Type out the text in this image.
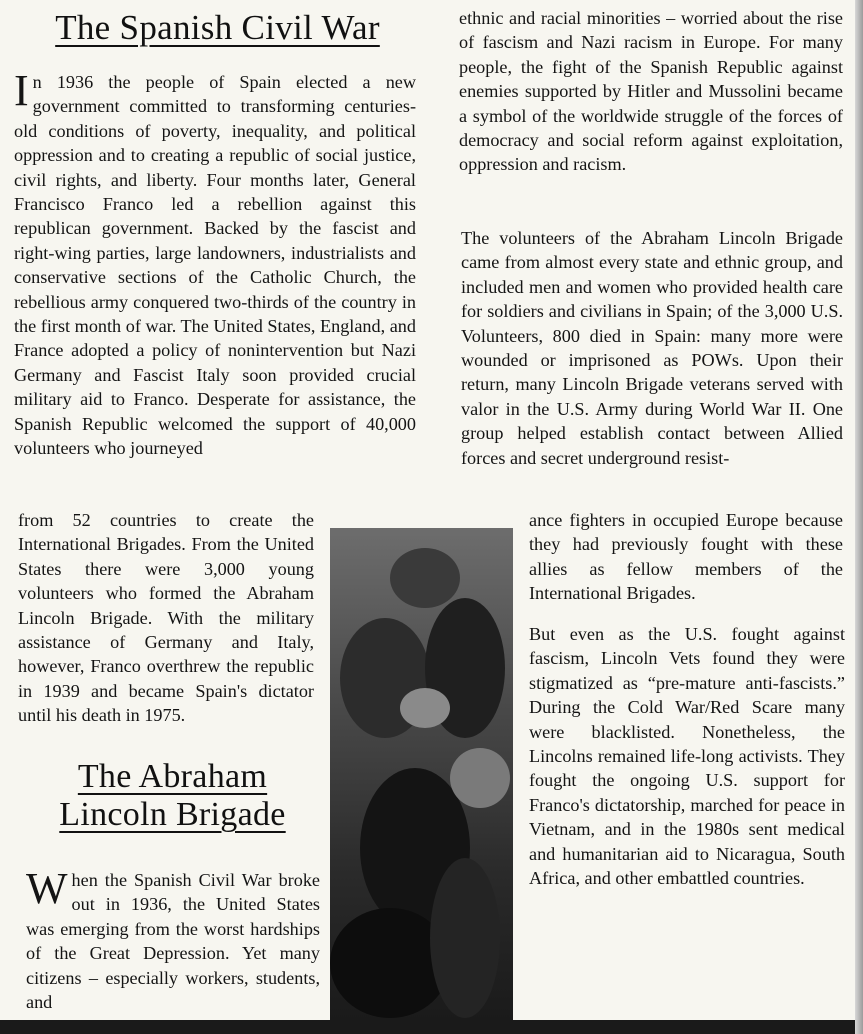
The Spanish Civil War

In 1936 the people of Spain elected a new government committed to transforming centuries-old conditions of poverty, inequality, and political oppression and to creating a republic of social justice, civil rights, and liberty. Four months later, General Francisco Franco led a rebellion against this republican government. Backed by the fascist and right-wing parties, large landowners, industrialists and conservative sections of the Catholic Church, the rebellious army conquered two-thirds of the country in the first month of war. The United States, England, and France adopted a policy of nonintervention but Nazi Germany and Fascist Italy soon provided crucial military aid to Franco. Desperate for assistance, the Spanish Republic welcomed the support of 40,000 volunteers who journeyed

from 52 countries to create the International Brigades. From the United States there were 3,000 young volunteers who formed the Abraham Lincoln Brigade. With the military assistance of Germany and Italy, however, Franco overthrew the republic in 1939 and became Spain's dictator until his death in 1975.

The Abraham Lincoln Brigade

When the Spanish Civil War broke out in 1936, the United States was emerging from the worst hardships of the Great Depression. Yet many citizens – especially workers, students, and

ethnic and racial minorities – worried about the rise of fascism and Nazi racism in Europe. For many people, the fight of the Spanish Republic against enemies supported by Hitler and Mussolini became a symbol of the worldwide struggle of the forces of democracy and social reform against exploitation, oppression and racism.

The volunteers of the Abraham Lincoln Brigade came from almost every state and ethnic group, and included men and women who provided health care for soldiers and civilians in Spain; of the 3,000 U.S. Volunteers, 800 died in Spain: many more were wounded or imprisoned as POWs. Upon their return, many Lincoln Brigade veterans served with valor in the U.S. Army during World War II. One group helped establish contact between Allied forces and secret underground resist-

ance fighters in occupied Europe because they had previously fought with these allies as fellow members of the International Brigades.

But even as the U.S. fought against fascism, Lincoln Vets found they were stigmatized as “pre-mature anti-fascists.” During the Cold War/Red Scare many were blacklisted. Nonetheless, the Lincolns remained life-long activists. They fought the ongoing U.S. support for Franco's dictatorship, marched for peace in Vietnam, and in the 1980s sent medical and humanitarian aid to Nicaragua, South Africa, and other embattled countries.
